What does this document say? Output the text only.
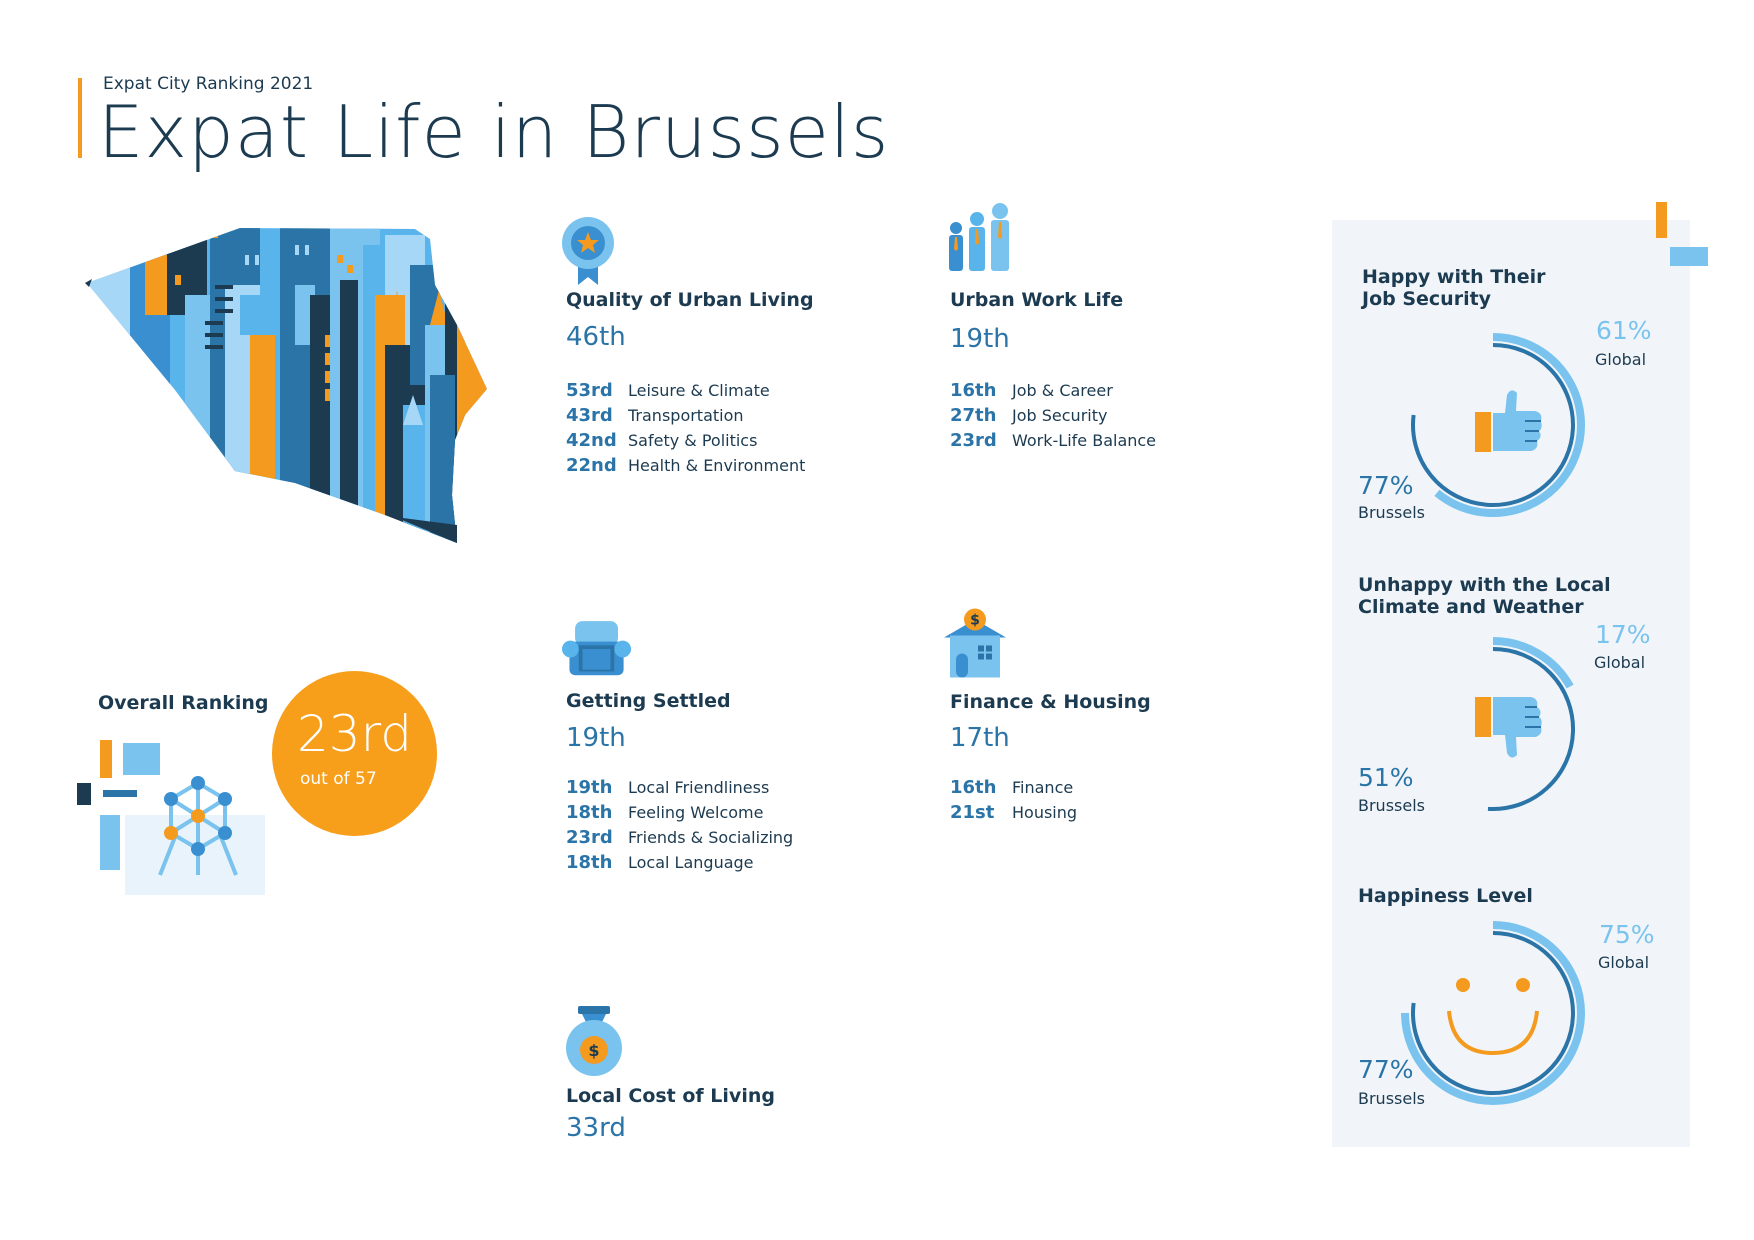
Expat City Ranking 2021
Expat Life in Brussels
Overall Ranking
23rd
out of 57
Quality of Urban Living
46th
53rd Leisure & Climate
43rd Transportation
42nd Safety & Politics
22nd Health & Environment
Urban Work Life
19th
16th Job & Career
27th Job Security
23rd Work-Life Balance
Getting Settled
19th
19th Local Friendliness
18th Feeling Welcome
23rd Friends & Socializing
18th Local Language
$
Finance & Housing
17th
16th Finance
21st	Housing
$
Local Cost of Living
33rd
Happy with Their Job Security
61%
Global
77%
Brussels
Unhappy with the Local Climate and Weather
17%
Global
51%
Brussels
Happiness Level
75%
Global
77%
Brussels
